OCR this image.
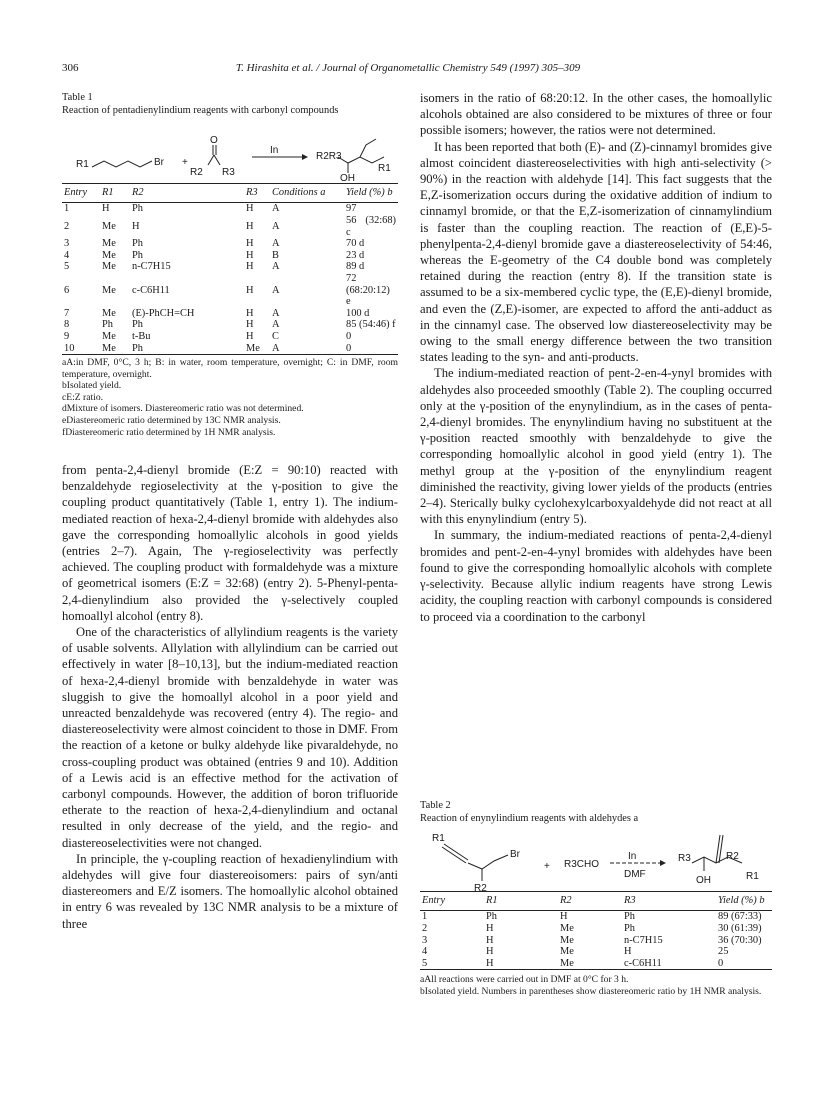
306	T. Hirashita et al. / Journal of Organometallic Chemistry 549 (1997) 305–309
Table 1
Reaction of pentadienylindium reagents with carbonyl compounds
R1	Br +
O
R2 R3
In
R2R3
OH
R1
Entry	R1	R2	R3	Conditions a	Yield (%) b
1	H	Ph	H	A	97
2	Me	H	H	A	56 (32:68) c
3	Me	Ph	H	A	70 d
4	Me	Ph	H	B	23 d
5	Me	n-C7H15	H	A	89 d
6	Me	c-C6H11	H	A	72 (68:20:12) e
7	Me	(E)-PhCH=CH	H	A	100 d
8	Ph	Ph	H	A	85 (54:46) f
9	Me	t-Bu	H	C	0
10	Me	Ph	Me	A	0

aA:in DMF, 0°C, 3 h; B: in water, room temperature, overnight; C: in DMF, room temperature, overnight.

bIsolated yield.

cE:Z ratio.

dMixture of isomers. Diastereomeric ratio was not determined.

eDiastereomeric ratio determined by 13C NMR analysis.

fDiastereomeric ratio determined by 1H NMR analysis.

from penta-2,4-dienyl bromide (E:Z = 90:10) reacted with benzaldehyde regioselectivity at the γ-position to give the coupling product quantitatively (Table 1, entry 1). The indium-mediated reaction of hexa-2,4-dienyl bromide with aldehydes also gave the corresponding homoallylic alcohols in good yields (entries 2–7). Again, The γ-regioselectivity was perfectly achieved. The coupling product with formaldehyde was a mixture of geometrical isomers (E:Z = 32:68) (entry 2). 5-Phenyl-penta-2,4-dienylindium also provided the γ-selectively coupled homoallyl alcohol (entry 8).

One of the characteristics of allylindium reagents is the variety of usable solvents. Allylation with allylindium can be carried out effectively in water [8–10,13], but the indium-mediated reaction of hexa-2,4-dienyl bromide with benzaldehyde in water was sluggish to give the homoallyl alcohol in a poor yield and unreacted benzaldehyde was recovered (entry 4). The regio- and diastereoselectivity were almost coincident to those in DMF. From the reaction of a ketone or bulky aldehyde like pivaraldehyde, no cross-coupling product was obtained (entries 9 and 10). Addition of a Lewis acid is an effective method for the activation of carbonyl compounds. However, the addition of boron trifluoride etherate to the reaction of hexa-2,4-dienylindium and octanal resulted in only decrease of the yield, and the regio- and diastereoselectivities were not changed.

In principle, the γ-coupling reaction of hexadienylindium with aldehydes will give four diastereoisomers: pairs of syn/anti diastereomers and E/Z isomers. The homoallylic alcohol obtained in entry 6 was revealed by 13C NMR analysis to be a mixture of three

isomers in the ratio of 68:20:12. In the other cases, the homoallylic alcohols obtained are also considered to be mixtures of three or four possible isomers; however, the ratios were not determined.

It has been reported that both (E)- and (Z)-cinnamyl bromides give almost coincident diastereoselectivities with high anti-selectivity (> 90%) in the reaction with aldehyde [14]. This fact suggests that the E,Z-isomerization occurs during the oxidative addition of indium to cinnamyl bromide, or that the E,Z-isomerization of cinnamylindium is faster than the coupling reaction. The reaction of (E,E)-5-phenylpenta-2,4-dienyl bromide gave a diastereoselectivity of 54:46, whereas the E-geometry of the C4 double bond was completely retained during the reaction (entry 8). If the transition state is assumed to be a six-membered cyclic type, the (E,E)-dienyl bromide, and even the (Z,E)-isomer, are expected to afford the anti-adduct as in the cinnamyl case. The observed low diastereoselectivity may be owing to the small energy difference between the two transition states leading to the syn- and anti-products.

The indium-mediated reaction of pent-2-en-4-ynyl bromides with aldehydes also proceeded smoothly (Table 2). The coupling occurred only at the γ-position of the enynylindium, as in the cases of penta-2,4-dienyl bromides. The enynylindium having no substituent at the γ-position reacted smoothly with benzaldehyde to give the corresponding homoallylic alcohol in good yield (entry 1). The methyl group at the γ-position of the enynylindium reagent diminished the reactivity, giving lower yields of the products (entries 2–4). Sterically bulky cyclohexylcarboxyaldehyde did not react at all with this enynylindium (entry 5).

In summary, the indium-mediated reactions of penta-2,4-dienyl bromides and pent-2-en-4-ynyl bromides with aldehydes have been found to give the corresponding homoallylic alcohols with complete γ-selectivity. Because allylic indium reagents have strong Lewis acidity, the coupling reaction with carbonyl compounds is considered to proceed via a coordination to the carbonyl

Table 2
Reaction of enynylindium reagents with aldehydes a
R1
Br
R2
+ R3CHO
In
DMF
R3	R2
OH	R1
Entry	R1	R2	R3	Yield (%) b
1	Ph	H	Ph	89 (67:33)
2	H	Me	Ph	30 (61:39)
3	H	Me	n-C7H15	36 (70:30)
4	H	Me	H	25
5	H	Me	c-C6H11	0

aAll reactions were carried out in DMF at 0°C for 3 h.

bIsolated yield. Numbers in parentheses show diastereomeric ratio by 1H NMR analysis.
